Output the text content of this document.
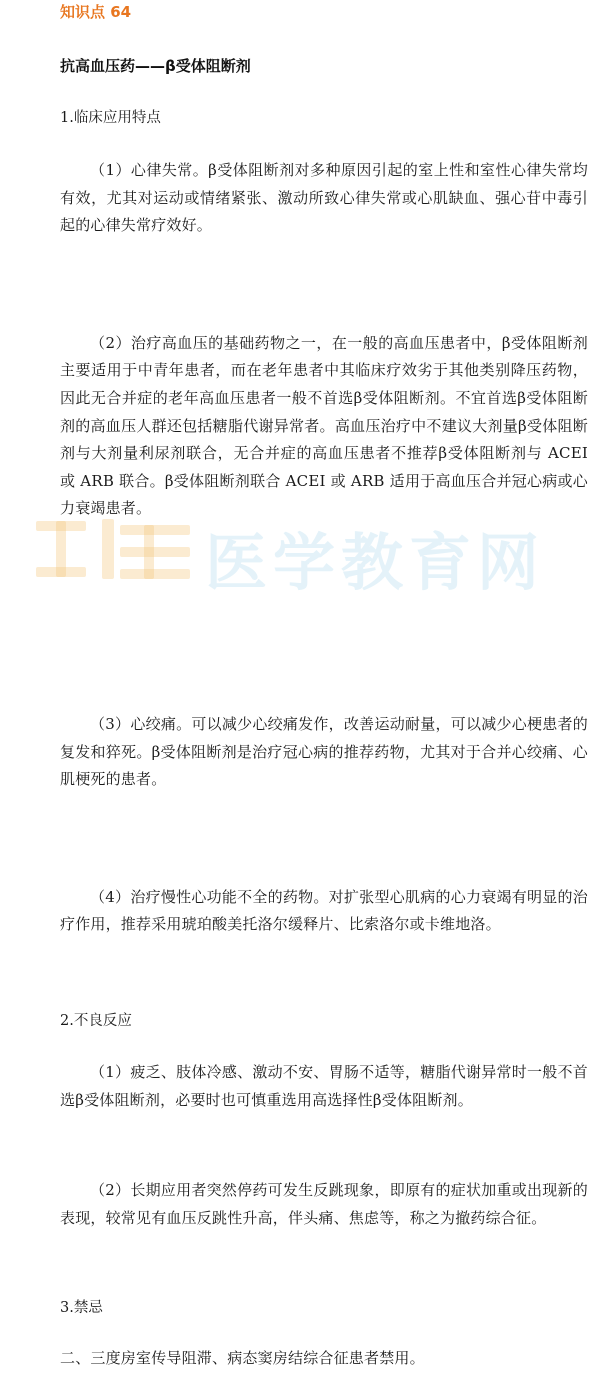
医学教育网
知识点 64
抗高血压药——β受体阻断剂
1.临床应用特点
（1）心律失常。β受体阻断剂对多种原因引起的室上性和室性心律失常均有效，尤其对运动或情绪紧张、激动所致心律失常或心肌缺血、强心苷中毒引起的心律失常疗效好。
（2）治疗高血压的基础药物之一，在一般的高血压患者中，β受体阻断剂主要适用于中青年患者，而在老年患者中其临床疗效劣于其他类别降压药物，因此无合并症的老年高血压患者一般不首选β受体阻断剂。不宜首选β受体阻断剂的高血压人群还包括糖脂代谢异常者。高血压治疗中不建议大剂量β受体阻断剂与大剂量利尿剂联合，无合并症的高血压患者不推荐β受体阻断剂与 ACEI 或 ARB 联合。β受体阻断剂联合 ACEI 或 ARB 适用于高血压合并冠心病或心力衰竭患者。
（3）心绞痛。可以减少心绞痛发作，改善运动耐量，可以减少心梗患者的复发和猝死。β受体阻断剂是治疗冠心病的推荐药物，尤其对于合并心绞痛、心肌梗死的患者。
（4）治疗慢性心功能不全的药物。对扩张型心肌病的心力衰竭有明显的治疗作用，推荐采用琥珀酸美托洛尔缓释片、比索洛尔或卡维地洛。
2.不良反应
（1）疲乏、肢体冷感、激动不安、胃肠不适等，糖脂代谢异常时一般不首选β受体阻断剂，必要时也可慎重选用高选择性β受体阻断剂。
（2）长期应用者突然停药可发生反跳现象，即原有的症状加重或出现新的表现，较常见有血压反跳性升高，伴头痛、焦虑等，称之为撤药综合征。
3.禁忌
二、三度房室传导阻滞、病态窦房结综合征患者禁用。
